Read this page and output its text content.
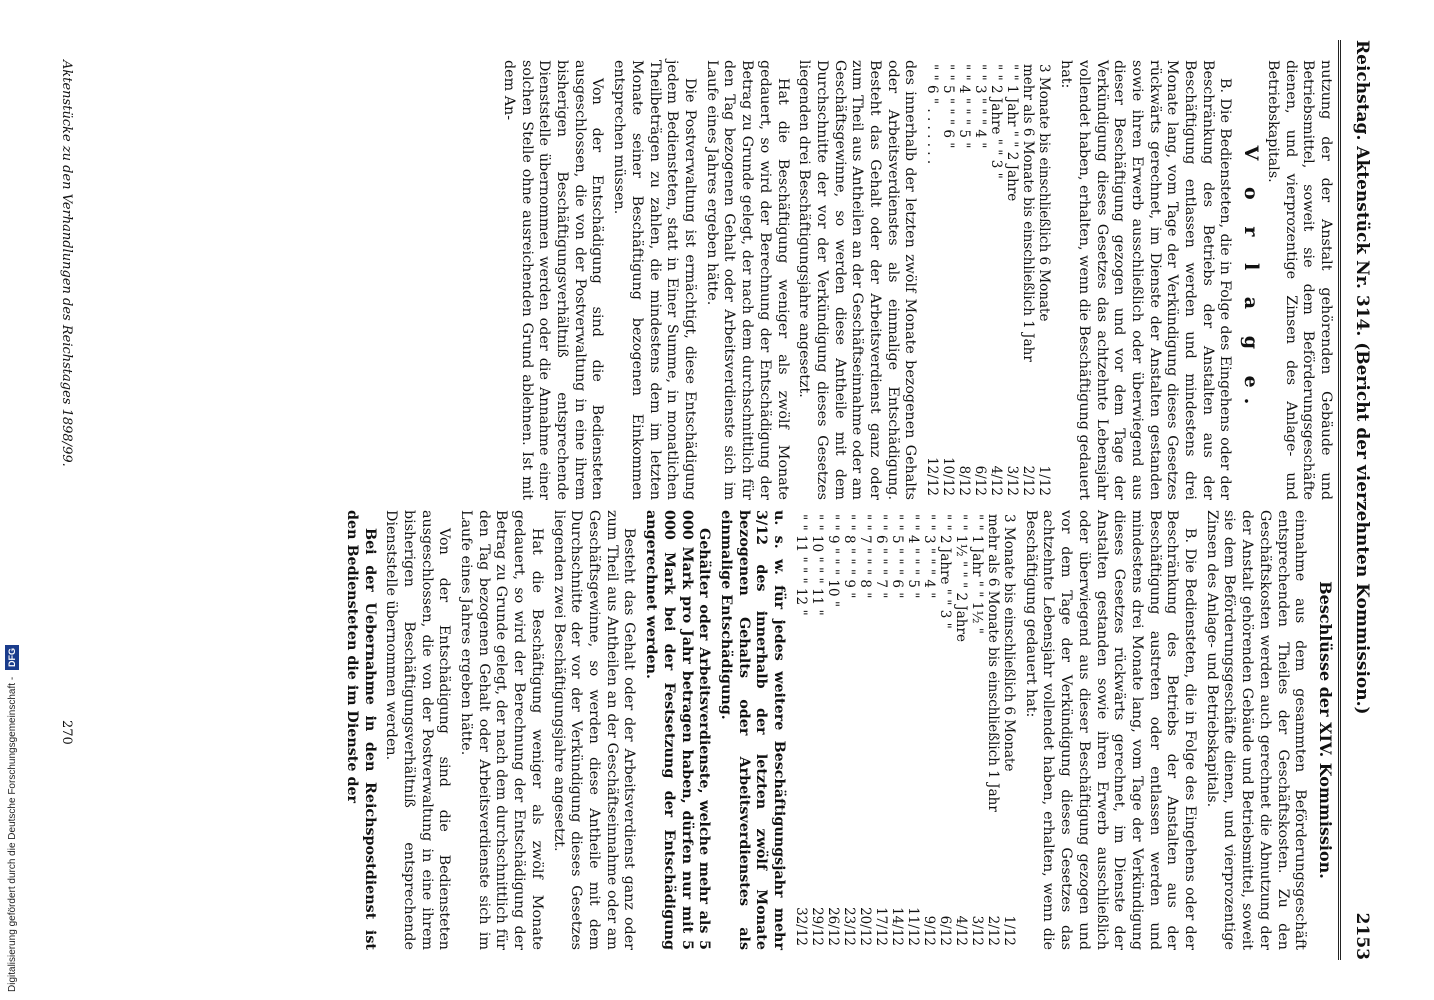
Reichstag. Aktenstück Nr. 314. (Bericht der vierzehnten Kommission.)
2153

nutzung der der Anstalt gehörenden Gebäude und Betriebsmittel, soweit sie dem Beförderungsgeschäfte dienen, und vierprozentige Zinsen des Anlage- und Betriebskapitals.

V o r l a g e.

B. Die Bediensteten, die in Folge des Eingehens oder der Beschränkung des Betriebs der Anstalten aus der Beschäftigung entlassen werden und mindestens drei Monate lang, vom Tage der Verkündigung dieses Gesetzes rückwärts gerechnet, im Dienste der Anstalten gestanden sowie ihren Erwerb ausschließlich oder überwiegend aus dieser Beschäftigung gezogen und vor dem Tage der Verkündigung dieses Gesetzes das achtzehnte Lebensjahr vollendet haben, erhalten, wenn die Beschäftigung gedauert hat:

3 Monate bis einschließlich 6 Monate	1/12
mehr als 6 Monate bis einschließlich 1 Jahr	2/12
" " 1 Jahr " " 2 Jahre	3/12
" " 2 Jahre " " 3 "	4/12
" " 3 " " " 4 "	6/12
" " 4 " " " 5 "	8/12
" " 5 " " " 6 "	10/12
" " 6 " . . . . . . .	12/12

des innerhalb der letzten zwölf Monate bezogenen Gehalts oder Arbeitsverdienstes als einmalige Entschädigung. Besteht das Gehalt oder der Arbeitsverdienst ganz oder zum Theil aus Antheilen an der Geschäftseinnahme oder am Geschäftsgewinne, so werden diese Antheile mit dem Durchschnitte der vor der Verkündigung dieses Gesetzes liegenden drei Beschäftigungsjahre angesetzt.

Hat die Beschäftigung weniger als zwölf Monate gedauert, so wird der Berechnung der Entschädigung der Betrag zu Grunde gelegt, der nach dem durchschnittlich für den Tag bezogenen Gehalt oder Arbeitsverdienste sich im Laufe eines Jahres ergeben hätte.

Die Postverwaltung ist ermächtigt, diese Entschädigung jedem Bediensteten, statt in Einer Summe, in monatlichen Theilbeträgen zu zahlen, die mindestens dem im letzten Monate seiner Beschäftigung bezogenen Einkommen entsprechen müssen.

Von der Entschädigung sind die Bediensteten ausgeschlossen, die von der Postverwaltung in eine ihrem bisherigen Beschäftigungsverhältniß entsprechende Dienststelle übernommen werden oder die Annahme einer solchen Stelle ohne ausreichenden Grund ablehnen. Ist mit dem An-

Beschlüsse der XIV. Kommission.

einnahme aus dem gesammten Beförderungsgeschäft entsprechenden Theiles der Geschäftskosten. Zu den Geschäftskosten werden auch gerechnet die Abnutzung der der Anstalt gehörenden Gebäude und Betriebsmittel, soweit sie dem Beförderungsgeschäfte dienen, und vierprozentige Zinsen des Anlage- und Betriebskapitals.

B. Die Bediensteten, die in Folge des Eingehens oder der Beschränkung des Betriebs der Anstalten aus der Beschäftigung austreten oder entlassen werden und mindestens drei Monate lang, vom Tage der Verkündigung dieses Gesetzes rückwärts gerechnet, im Dienste der Anstalten gestanden sowie ihren Erwerb ausschließlich oder überwiegend aus dieser Beschäftigung gezogen und vor dem Tage der Verkündigung dieses Gesetzes das achtzehnte Lebensjahr vollendet haben, erhalten, wenn die Beschäftigung gedauert hat:

3 Monate bis einschließlich 6 Monate	1/12
mehr als 6 Monate bis einschließlich 1 Jahr	2/12
" " 1 Jahr " " 1½ "	3/12
" " 1½ " " " 2 Jahre	4/12
" " 2 Jahre " " 3 "	6/12
" " 3 " " " 4 "	9/12
" " 4 " " " 5 "	11/12
" " 5 " " " 6 "	14/12
" " 6 " " " 7 "	17/12
" " 7 " " " 8 "	20/12
" " 8 " " " 9 "	23/12
" " 9 " " " 10 "	26/12
" " 10 " " " 11 "	29/12
" " 11 " " " 12 "	32/12

u. s. w. für jedes weitere Beschäftigungsjahr mehr 3/12 des innerhalb der letzten zwölf Monate bezogenen Gehalts oder Arbeitsverdienstes als einmalige Entschädigung.

Gehälter oder Arbeitsverdienste, welche mehr als 5 000 Mark pro Jahr betragen haben, dürfen nur mit 5 000 Mark bei der Festsetzung der Entschädigung angerechnet werden.

Besteht das Gehalt oder der Arbeitsverdienst ganz oder zum Theil aus Antheilen an der Geschäftseinnahme oder am Geschäftsgewinne, so werden diese Antheile mit dem Durchschnitte der vor der Verkündigung dieses Gesetzes liegenden zwei Beschäftigungsjahre angesetzt.

Hat die Beschäftigung weniger als zwölf Monate gedauert, so wird der Berechnung der Entschädigung der Betrag zu Grunde gelegt, der nach dem durchschnittlich für den Tag bezogenen Gehalt oder Arbeitsverdienste sich im Laufe eines Jahres ergeben hätte.

Von der Entschädigung sind die Bediensteten ausgeschlossen, die von der Postverwaltung in eine ihrem bisherigen Beschäftigungsverhältniß entsprechende Dienststelle übernommen werden.

Bei der Uebernahme in den Reichspostdienst ist den Bediensteten die im Dienste der

Aktenstücke zu den Verhandlungen des Reichstages 1898/99.
270
Digitalisierung gefördert durch die Deutsche Forschungsgemeinschaft - DFG
